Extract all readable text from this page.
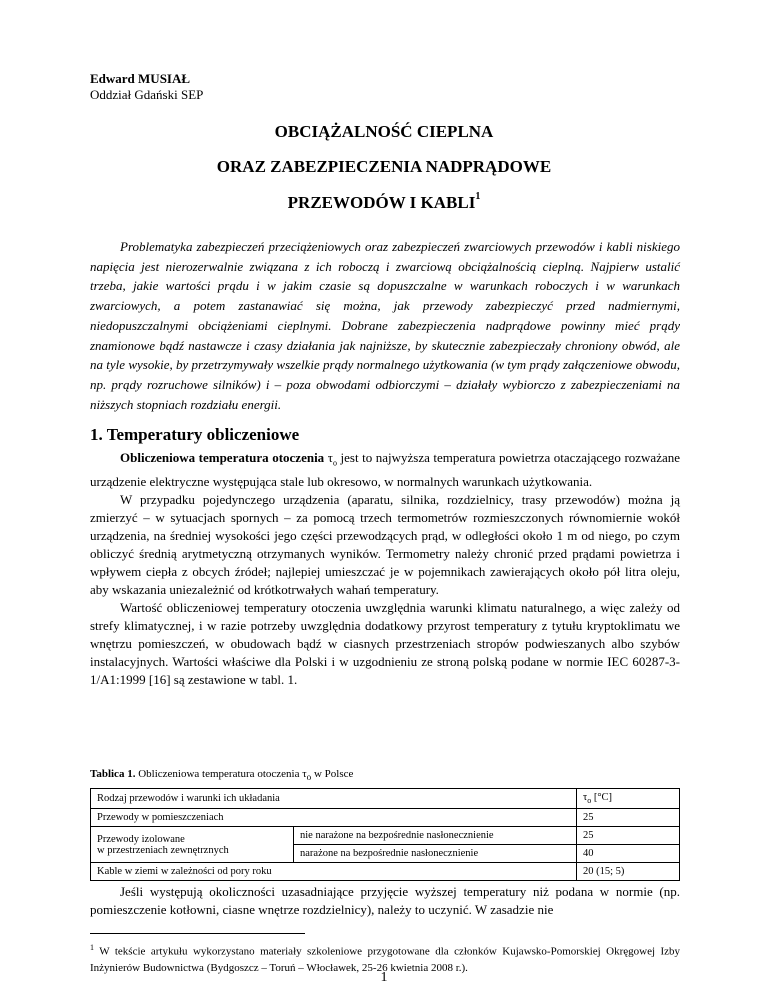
Edward MUSIAŁ
Oddział Gdański SEP
OBCIĄŻALNOŚĆ CIEPLNA
ORAZ ZABEZPIECZENIA NADPRĄDOWE
PRZEWODÓW I KABLI$^1$
Problematyka zabezpieczeń przeciążeniowych oraz zabezpieczeń zwarciowych przewodów i kabli niskiego napięcia jest nierozerwalnie związana z ich roboczą i zwarciową obciążalnością cieplną. Najpierw ustalić trzeba, jakie wartości prądu i w jakim czasie są dopuszczalne w warunkach roboczych i w warunkach zwarciowych, a potem zastanawiać się można, jak przewody zabezpieczyć przed nadmiernymi, niedopuszczalnymi obciążeniami cieplnymi. Dobrane zabezpieczenia nadprądowe powinny mieć prądy znamionowe bądź nastawcze i czasy działania jak najniższe, by skutecznie zabezpieczały chroniony obwód, ale na tyle wysokie, by przetrzymywały wszelkie prądy normalnego użytkowania (w tym prądy załączeniowe obwodu, np. prądy rozruchowe silników) i – poza obwodami odbiorczymi – działały wybiorczo z zabezpieczeniami na niższych stopniach rozdziału energii.
1. Temperatury obliczeniowe

Obliczeniowa temperatura otoczenia $\tau_o$ jest to najwyższa temperatura powietrza otaczającego rozważane urządzenie elektryczne występująca stale lub okresowo, w normalnych warunkach użytkowania.

W przypadku pojedynczego urządzenia (aparatu, silnika, rozdzielnicy, trasy przewodów) można ją zmierzyć – w sytuacjach spornych – za pomocą trzech termometrów rozmieszczonych równomiernie wokół urządzenia, na średniej wysokości jego części przewodzących prąd, w odległości około 1 m od niego, po czym obliczyć średnią arytmetyczną otrzymanych wyników. Termometry należy chronić przed prądami powietrza i wpływem ciepła z obcych źródeł; najlepiej umieszczać je w pojemnikach zawierających około pół litra oleju, aby wskazania uniezależnić od krótkotrwałych wahań temperatury.

Wartość obliczeniowej temperatury otoczenia uwzględnia warunki klimatu naturalnego, a więc zależy od strefy klimatycznej, i w razie potrzeby uwzględnia dodatkowy przyrost temperatury z tytułu kryptoklimatu we wnętrzu pomieszczeń, w obudowach bądź w ciasnych przestrzeniach stropów podwieszanych albo szybów instalacyjnych. Wartości właściwe dla Polski i w uzgodnieniu ze stroną polską podane w normie IEC 60287-3-1/A1:1999 [16] są zestawione w tabl. 1.

Tablica 1. Obliczeniowa temperatura otoczenia $\tau_o$ w Polsce
Rodzaj przewodów i warunki ich układania		$\tau_o$ [°C]
Przewody w pomieszczeniach		25
Przewody izolowane
w przestrzeniach zewnętrznych	nie narażone na bezpośrednie nasłonecznienie	25
	narażone na bezpośrednie nasłonecznienie	40
Kable w ziemi w zależności od pory roku		20 (15; 5)

Jeśli występują okoliczności uzasadniające przyjęcie wyższej temperatury niż podana w normie (np. pomieszczenie kotłowni, ciasne wnętrze rozdzielnicy), należy to uczynić. W zasadzie nie

$^1$ W tekście artykułu wykorzystano materiały szkoleniowe przygotowane dla członków Kujawsko-Pomorskiej Okręgowej Izby Inżynierów Budownictwa (Bydgoszcz – Toruń – Włocławek, 25-26 kwietnia 2008 r.).
1
